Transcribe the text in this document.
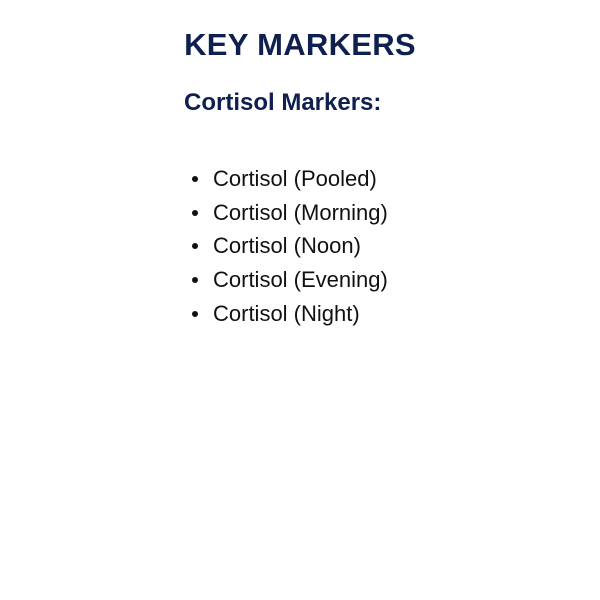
KEY MARKERS
Cortisol Markers:
Cortisol (Pooled)
Cortisol (Morning)
Cortisol (Noon)
Cortisol (Evening)
Cortisol (Night)
